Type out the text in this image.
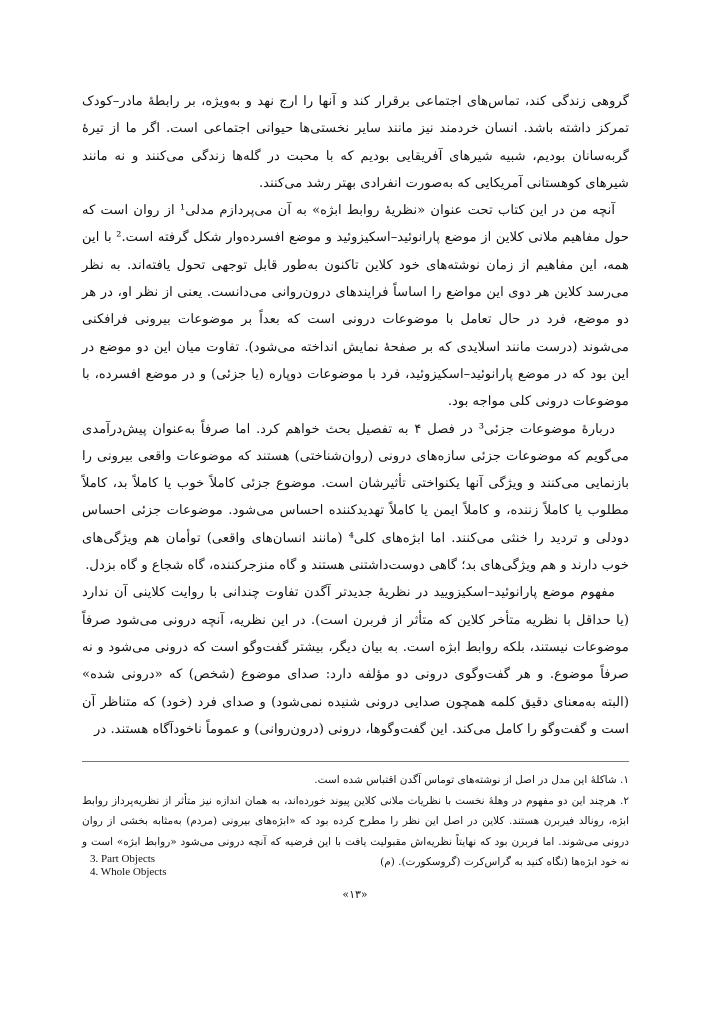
گروهی زندگی کند، تماس‌های اجتماعی برقرار کند و آنها را ارج نهد و به‌ویژه، بر رابطهٔ مادر–کودک تمرکز داشته باشد. انسان خردمند نیز مانند سایر نخستی‌ها حیوانی اجتماعی است. اگر ما از تیرهٔ گربه‌سانان بودیم، شبیه شیرهای آفریقایی بودیم که با محبت در گله‌ها زندگی می‌کنند و نه مانند شیرهای کوهستانی آمریکایی که به‌صورت انفرادی بهتر رشد می‌کنند.

آنچه من در این کتاب تحت عنوان «نظریهٔ روابط ابژه» به آن می‌پردازم مدلی¹ از روان است که حول مفاهیم ملانی کلاین از موضع پارانوئید–اسکیزوئید و موضع افسرده‌وار شکل گرفته است.² با این همه، این مفاهیم از زمان نوشته‌های خود کلاین تاکنون به‌طور قابل توجهی تحول یافته‌اند. به نظر می‌رسد کلاین هر دوی این مواضع را اساساً فرایندهای درون‌روانی می‌دانست. یعنی از نظر او، در هر دو موضع، فرد در حال تعامل با موضوعات درونی است که بعداً بر موضوعات بیرونی فرافکنی می‌شوند (درست مانند اسلایدی که بر صفحهٔ نمایش انداخته می‌شود). تفاوت میان این دو موضع در این بود که در موضع پارانوئید–اسکیزوئید، فرد با موضوعات دوپاره (یا جزئی) و در موضع افسرده، با موضوعات درونی کلی مواجه بود.

دربارهٔ موضوعات جزئی³ در فصل ۴ به تفصیل بحث خواهم کرد. اما صرفاً به‌عنوان پیش‌درآمدی می‌گویم که موضوعات جزئی سازه‌های درونی (روان‌شناختی) هستند که موضوعات واقعی بیرونی را بازنمایی می‌کنند و ویژگی آنها یکنواختی تأثیرشان است. موضوع جزئی کاملاً خوب یا کاملاً بد، کاملاً مطلوب یا کاملاً زننده، و کاملاً ایمن یا کاملاً تهدیدکننده احساس می‌شود. موضوعات جزئی احساس دودلی و تردید را خنثی می‌کنند. اما ابژه‌های کلی⁴ (مانند انسان‌های واقعی) توأمان هم ویژگی‌های خوب دارند و هم ویژگی‌های بد؛ گاهی دوست‌داشتنی هستند و گاه منزجرکننده، گاه شجاع و گاه بزدل.

مفهوم موضع پارانوئید–اسکیزویید در نظریهٔ جدیدتر آگدن تفاوت چندانی با روایت کلاینی آن ندارد (یا حداقل با نظریه متأخر کلاین که متأثر از فربرن است). در این نظریه، آنچه درونی می‌شود صرفاً موضوعات نیستند، بلکه روابط ابژه است. به بیان دیگر، بیشتر گفت‌وگو است که درونی می‌شود و نه صرفاً موضوع. و هر گفت‌وگوی درونی دو مؤلفه دارد: صدای موضوع (شخص) که «درونی شده» (البته به‌معنای دقیق کلمه همچون صدایی درونی شنیده نمی‌شود) و صدای فرد (خود) که متناظر آن است و گفت‌وگو را کامل می‌کند. این گفت‌وگوها، درونی (درون‌روانی) و عموماً ناخودآگاه هستند. در

۱. شاکلهٔ این مدل در اصل از نوشته‌های توماس آگدن اقتباس شده است.

۲. هرچند این دو مفهوم در وهلهٔ نخست با نظریات ملانی کلاین پیوند خورده‌اند، به همان اندازه نیز متأثر از نظریه‌پرداز روابط ابژه، رونالد فیربرن هستند. کلاین در اصل این نظر را مطرح کرده بود که «ابژه‌های بیرونی (مردم) به‌مثابه بخشی از روان درونی می‌شوند. اما فربرن بود که نهایتاً نظریه‌اش مقبولیت یافت با این فرضیه که آنچه درونی می‌شود «روابط ابژه» است و نه خود ابژه‌ها (نگاه کنید به گراس‌کرت (گروسکورت). (م)

3. Part Objects
4. Whole Objects
«۱۳»
